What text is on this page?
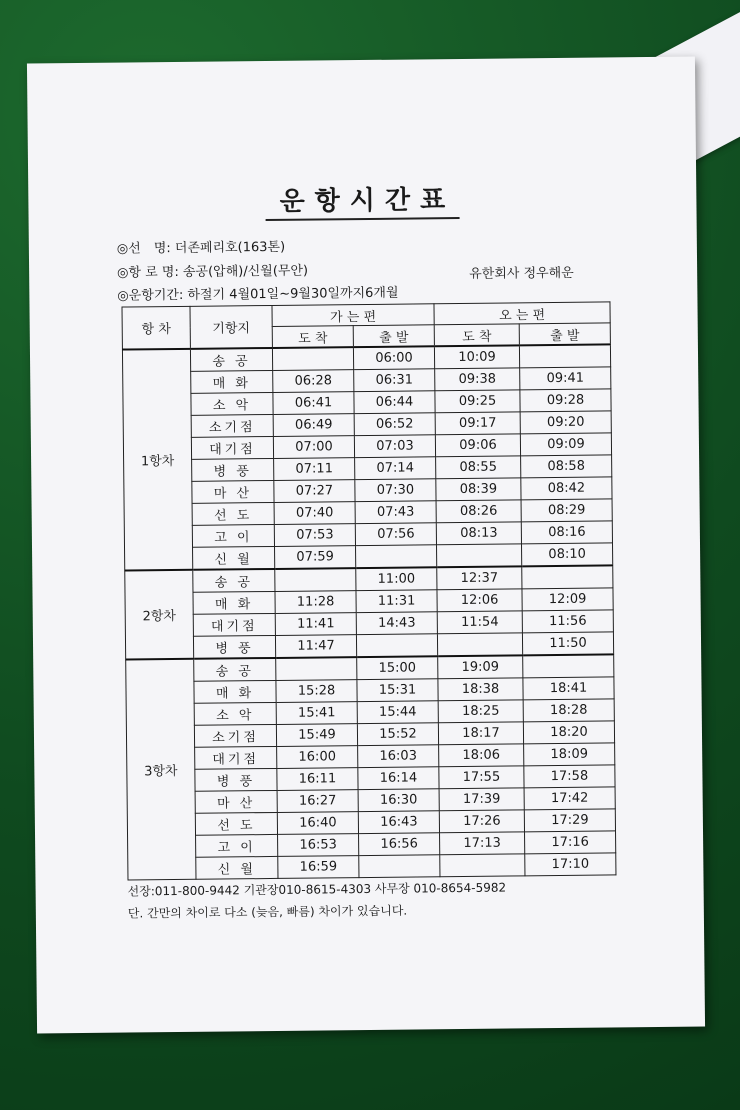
운항시간표
◎선　명: 더존페리호(163톤)
◎항 로 명: 송공(압해)/신월(무안)
◎운항기간: 하절기 4월01일~9월30일까지6개월
유한회사 정우해운
항 차	기항지	가 는 편		오 는 편	
		도 착	출 발	도 착	출 발
1항차	송 공		06:00	10:09	
	매 화	06:28	06:31	09:38	09:41
	소 악	06:41	06:44	09:25	09:28
	소기점	06:49	06:52	09:17	09:20
	대기점	07:00	07:03	09:06	09:09
	병 풍	07:11	07:14	08:55	08:58
	마 산	07:27	07:30	08:39	08:42
	선 도	07:40	07:43	08:26	08:29
	고 이	07:53	07:56	08:13	08:16
	신 월	07:59			08:10
2항차	송 공		11:00	12:37	
	매 화	11:28	11:31	12:06	12:09
	대기점	11:41	14:43	11:54	11:56
	병 풍	11:47			11:50
3항차	송 공		15:00	19:09	
	매 화	15:28	15:31	18:38	18:41
	소 악	15:41	15:44	18:25	18:28
	소기점	15:49	15:52	18:17	18:20
	대기점	16:00	16:03	18:06	18:09
	병 풍	16:11	16:14	17:55	17:58
	마 산	16:27	16:30	17:39	17:42
	선 도	16:40	16:43	17:26	17:29
	고 이	16:53	16:56	17:13	17:16
	신 월	16:59			17:10
선장:011-800-9442 기관장010-8615-4303 사무장 010-8654-5982
단. 간만의 차이로 다소 (늦음, 빠름) 차이가 있습니다.
